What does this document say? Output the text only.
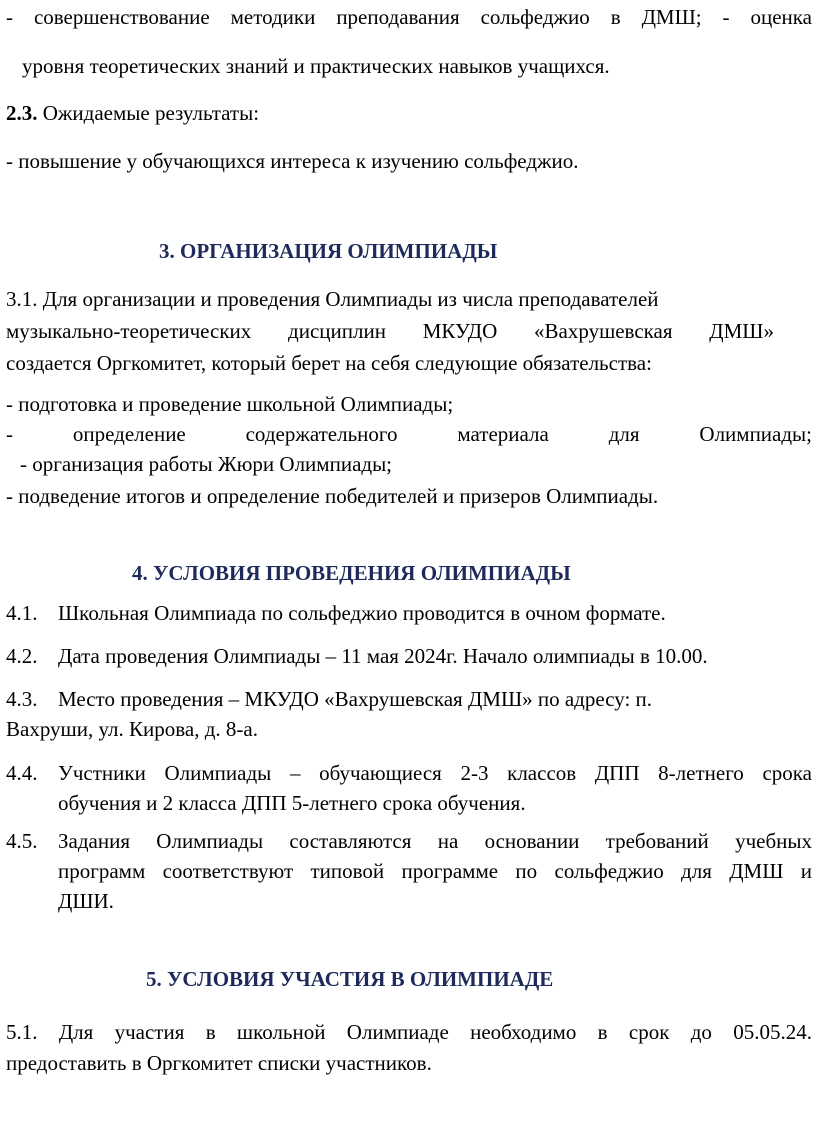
- совершенствование методики преподавания сольфеджио в ДМШ; - оценка
уровня теоретических знаний и практических навыков учащихся.
2.3. Ожидаемые результаты:
- повышение у обучающихся интереса к изучению сольфеджио.
3. ОРГАНИЗАЦИЯ ОЛИМПИАДЫ
3.1. Для организации и проведения Олимпиады из числа преподавателей
музыкально-теоретических дисциплин МКУДО «Вахрушевская ДМШ»
создается Оргкомитет, который берет на себя следующие обязательства:
- подготовка и проведение школьной Олимпиады;
- определение содержательного материала для Олимпиады;
- организация работы Жюри Олимпиады;
- подведение итогов и определение победителей и призеров Олимпиады.
4. УСЛОВИЯ ПРОВЕДЕНИЯ ОЛИМПИАДЫ
4.1. Школьная Олимпиада по сольфеджио проводится в очном формате.
4.2. Дата проведения Олимпиады – 11 мая 2024г. Начало олимпиады в 10.00.
4.3. Место проведения – МКУДО «Вахрушевская ДМШ» по адресу: п.
Вахруши, ул. Кирова, д. 8-а.
4.4. Учстники Олимпиады – обучающиеся 2-3 классов ДПП 8-летнего срока
обучения и 2 класса ДПП 5-летнего срока обучения.
4.5. Задания Олимпиады составляются на основании требований учебных
программ соответствуют типовой программе по сольфеджио для ДМШ и
ДШИ.
5. УСЛОВИЯ УЧАСТИЯ В ОЛИМПИАДЕ
5.1. Для участия в школьной Олимпиаде необходимо в срок до 05.05.24.
предоставить в Оргкомитет списки участников.
